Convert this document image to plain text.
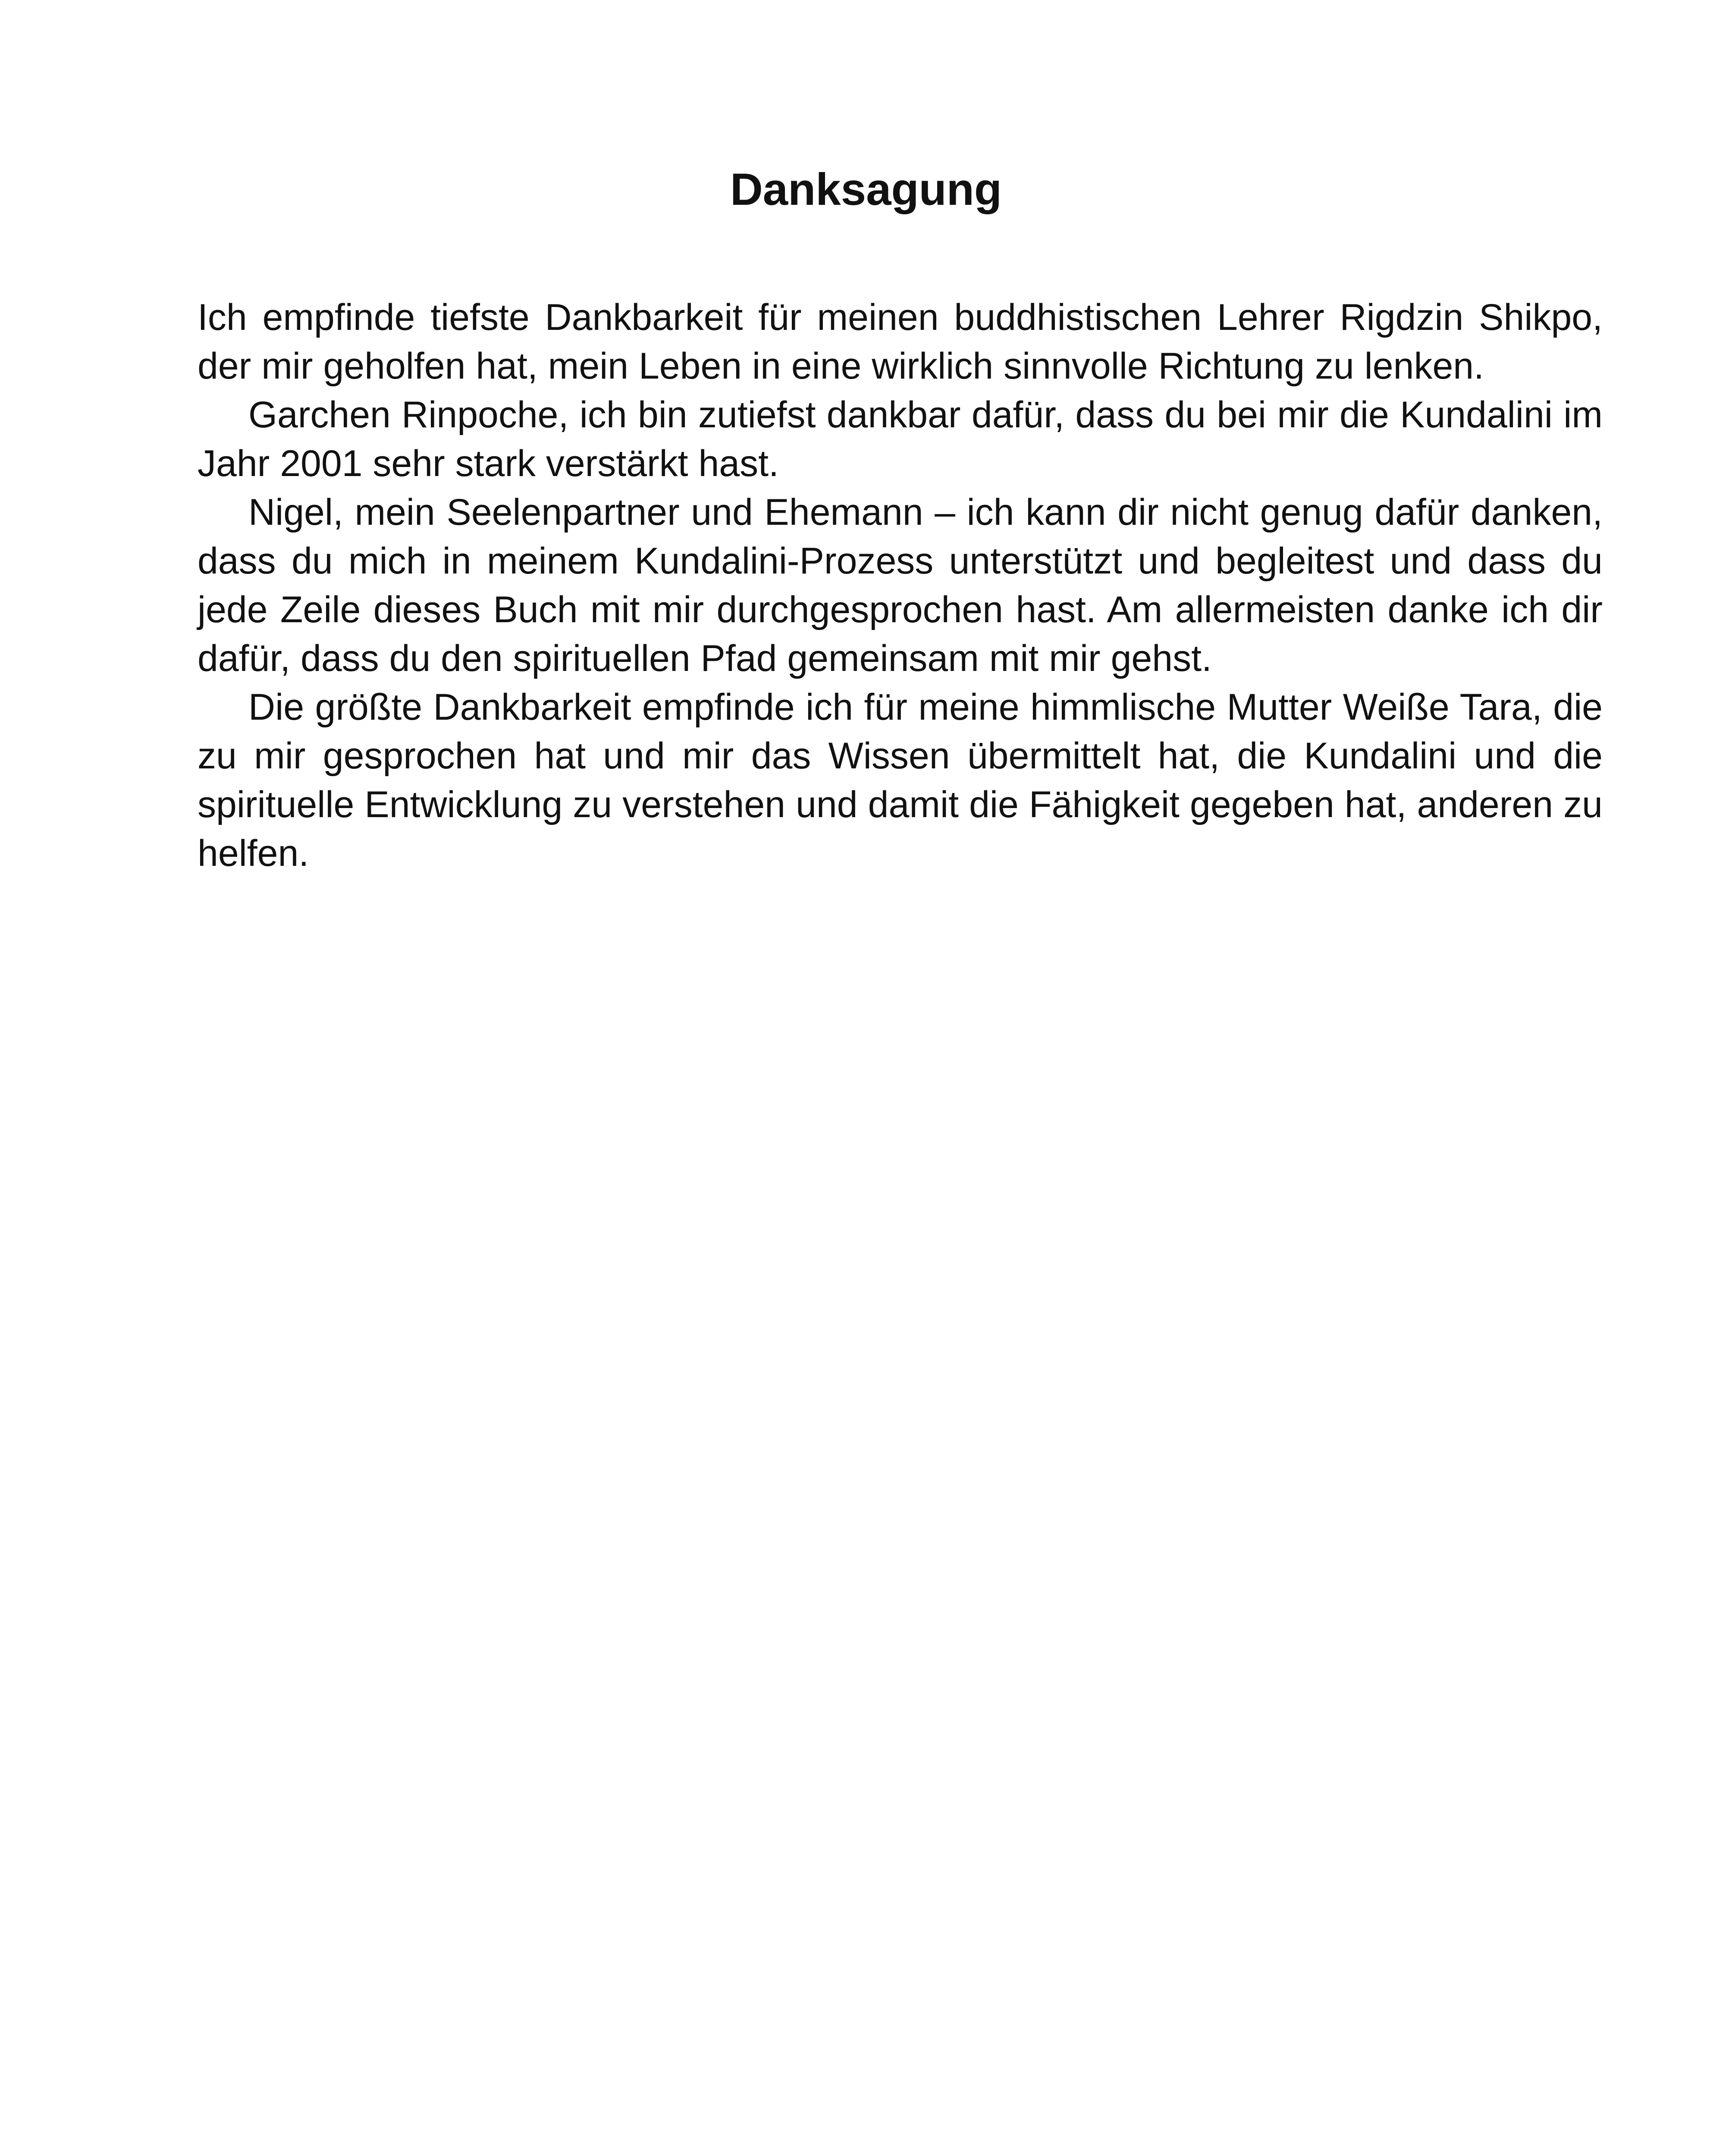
Danksagung

Ich empfinde tiefste Dankbarkeit für meinen buddhistischen Lehrer Rigdzin Shikpo, der mir geholfen hat, mein Leben in eine wirklich sinnvolle Richtung zu lenken.

Garchen Rinpoche, ich bin zutiefst dankbar dafür, dass du bei mir die Kundalini im Jahr 2001 sehr stark verstärkt hast.

Nigel, mein Seelenpartner und Ehemann – ich kann dir nicht genug dafür danken, dass du mich in meinem Kundalini-Prozess unterstützt und begleitest und dass du jede Zeile dieses Buch mit mir durchgesprochen hast. Am allermeisten danke ich dir dafür, dass du den spirituellen Pfad gemeinsam mit mir gehst.

Die größte Dankbarkeit empfinde ich für meine himmlische Mutter Weiße Tara, die zu mir gesprochen hat und mir das Wissen übermittelt hat, die Kundalini und die spirituelle Entwicklung zu verstehen und damit die Fähigkeit gegeben hat, anderen zu helfen.
